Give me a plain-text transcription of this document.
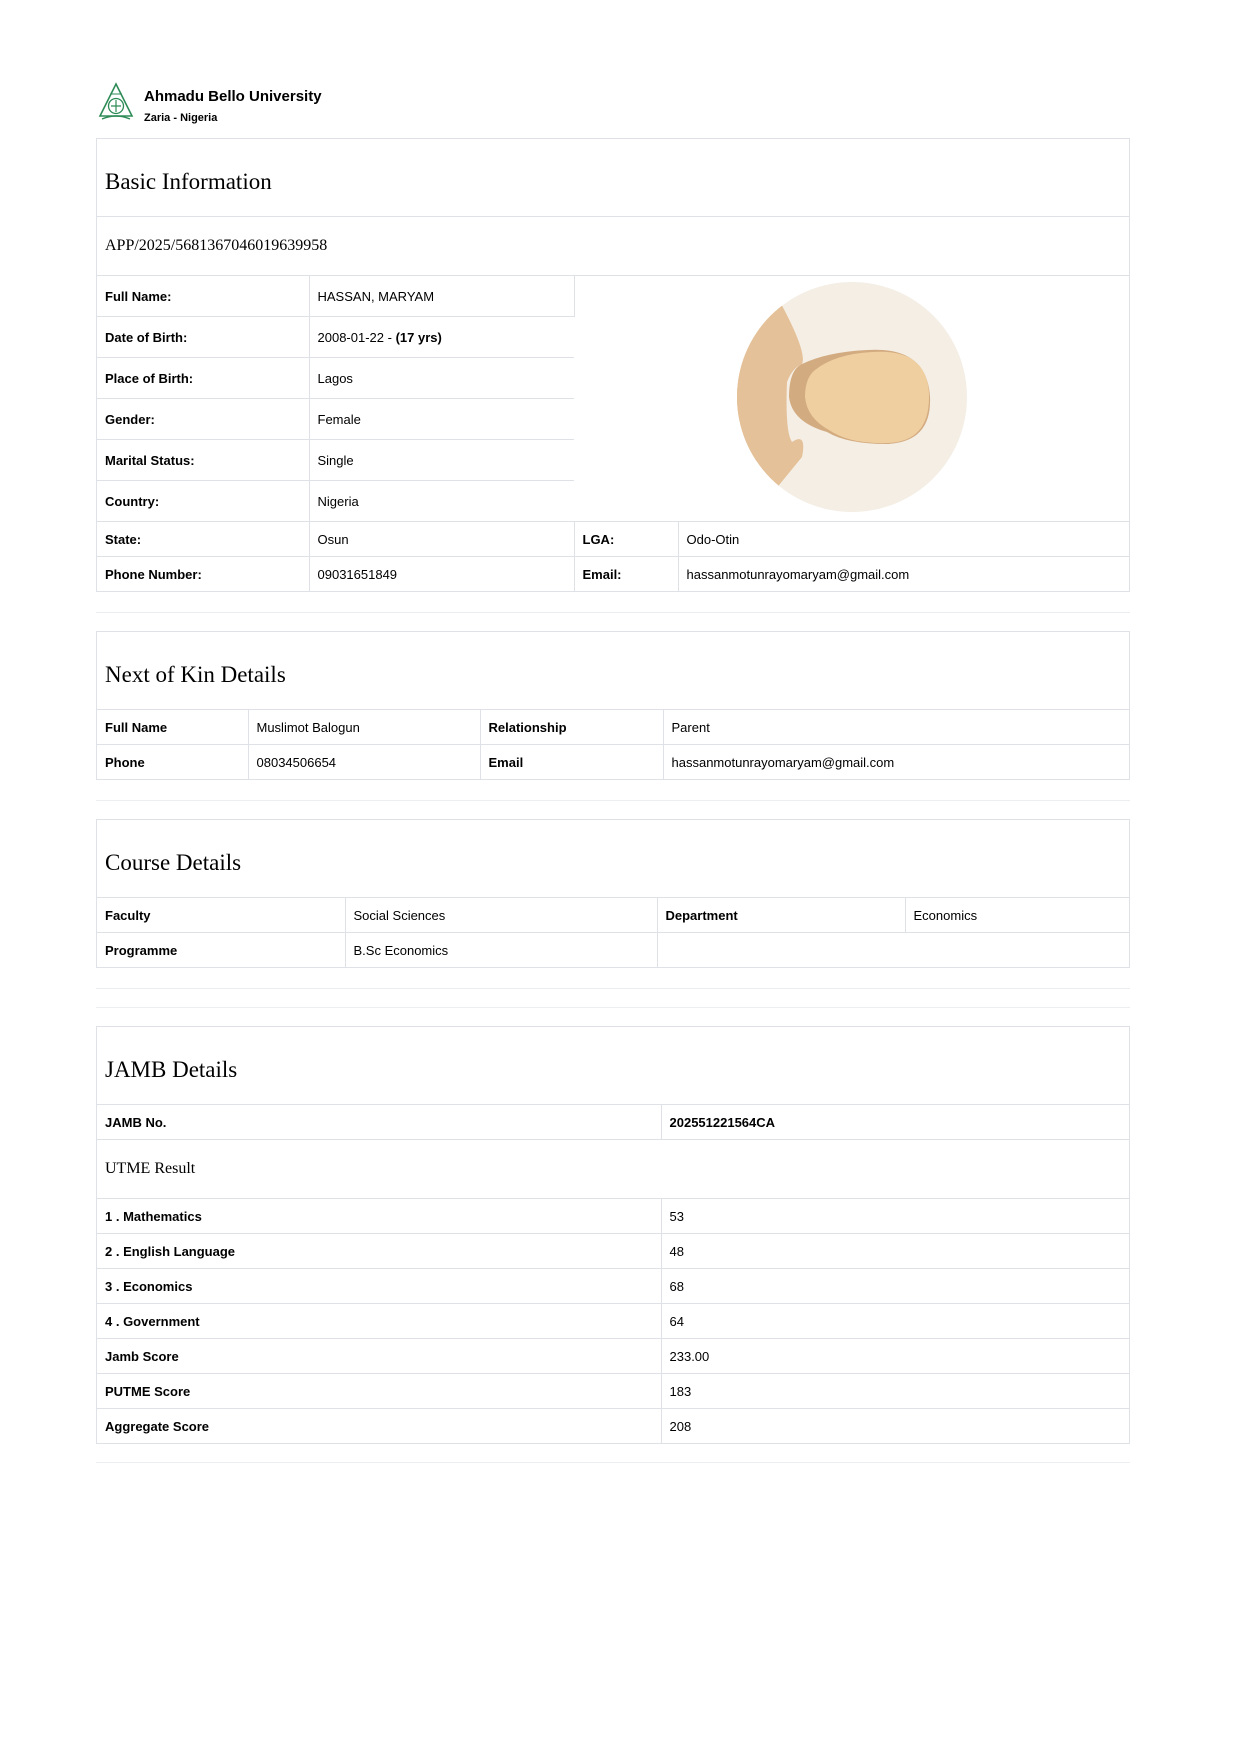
Ahmadu Bello University
Zaria - Nigeria
Basic Information
APP/2025/5681367046019639958
Full Name:	HASSAN, MARYAM	
Date of Birth:	2008-01-22 - (17 yrs)		
Place of Birth:	Lagos		
Gender:	Female		
Marital Status:	Single		
Country:	Nigeria		
State:	Osun	LGA:	Odo-Otin
Phone Number:	09031651849	Email:	hassanmotunrayomaryam@gmail.com
Next of Kin Details
Full Name	Muslimot Balogun	Relationship	Parent
Phone	08034506654	Email	hassanmotunrayomaryam@gmail.com
Course Details
Faculty	Social Sciences	Department	Economics
Programme	B.Sc Economics		
JAMB Details
JAMB No.	202551221564CA
UTME Result
1 . Mathematics	53
2 . English Language	48
3 . Economics	68
4 . Government	64
Jamb Score	233.00
PUTME Score	183
Aggregate Score	208
